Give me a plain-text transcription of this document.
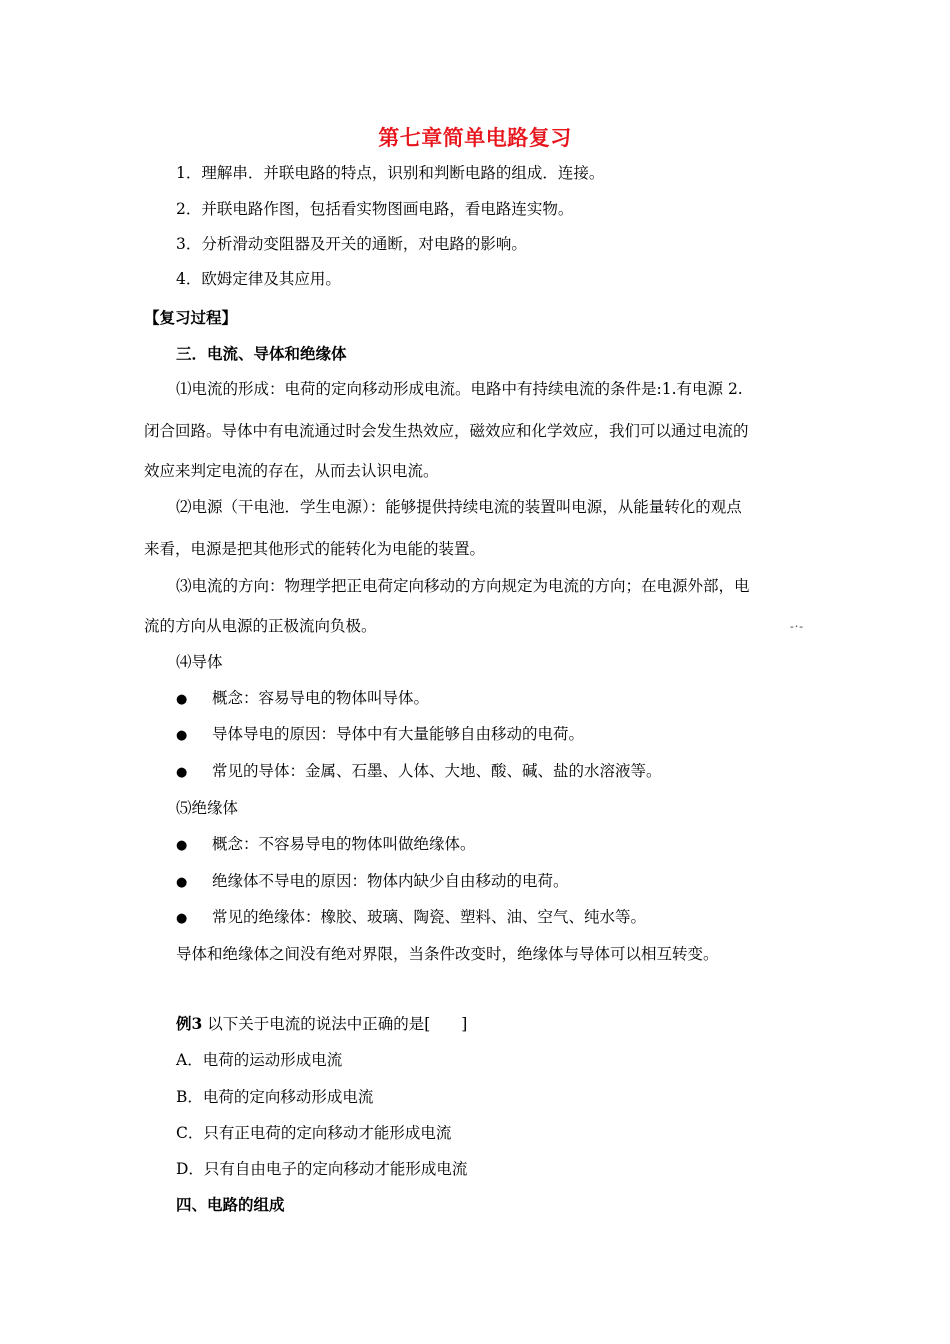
第七章简单电路复习
1．理解串．并联电路的特点，识别和判断电路的组成．连接。
2．并联电路作图，包括看实物图画电路，看电路连实物。
3．分析滑动变阻器及开关的通断，对电路的影响。
4．欧姆定律及其应用。
【复习过程】
三．电流、导体和绝缘体
⑴电流的形成：电荷的定向移动形成电流。电路中有持续电流的条件是:1.有电源 2.
闭合回路。导体中有电流通过时会发生热效应，磁效应和化学效应，我们可以通过电流的
效应来判定电流的存在，从而去认识电流。
⑵电源（干电池．学生电源）：能够提供持续电流的装置叫电源，从能量转化的观点
来看，电源是把其他形式的能转化为电能的装置。
⑶电流的方向：物理学把正电荷定向移动的方向规定为电流的方向；在电源外部，电
流的方向从电源的正极流向负极。	-·-
⑷导体
● 概念：容易导电的物体叫导体。
● 导体导电的原因：导体中有大量能够自由移动的电荷。
● 常见的导体：金属、石墨、人体、大地、酸、碱、盐的水溶液等。
⑸绝缘体
● 概念：不容易导电的物体叫做绝缘体。
● 绝缘体不导电的原因：物体内缺少自由移动的电荷。
● 常见的绝缘体：橡胶、玻璃、陶瓷、塑料、油、空气、纯水等。
导体和绝缘体之间没有绝对界限，当条件改变时，绝缘体与导体可以相互转变。
例3 以下关于电流的说法中正确的是[　　]
A．电荷的运动形成电流
B．电荷的定向移动形成电流
C．只有正电荷的定向移动才能形成电流
D．只有自由电子的定向移动才能形成电流
四、电路的组成
